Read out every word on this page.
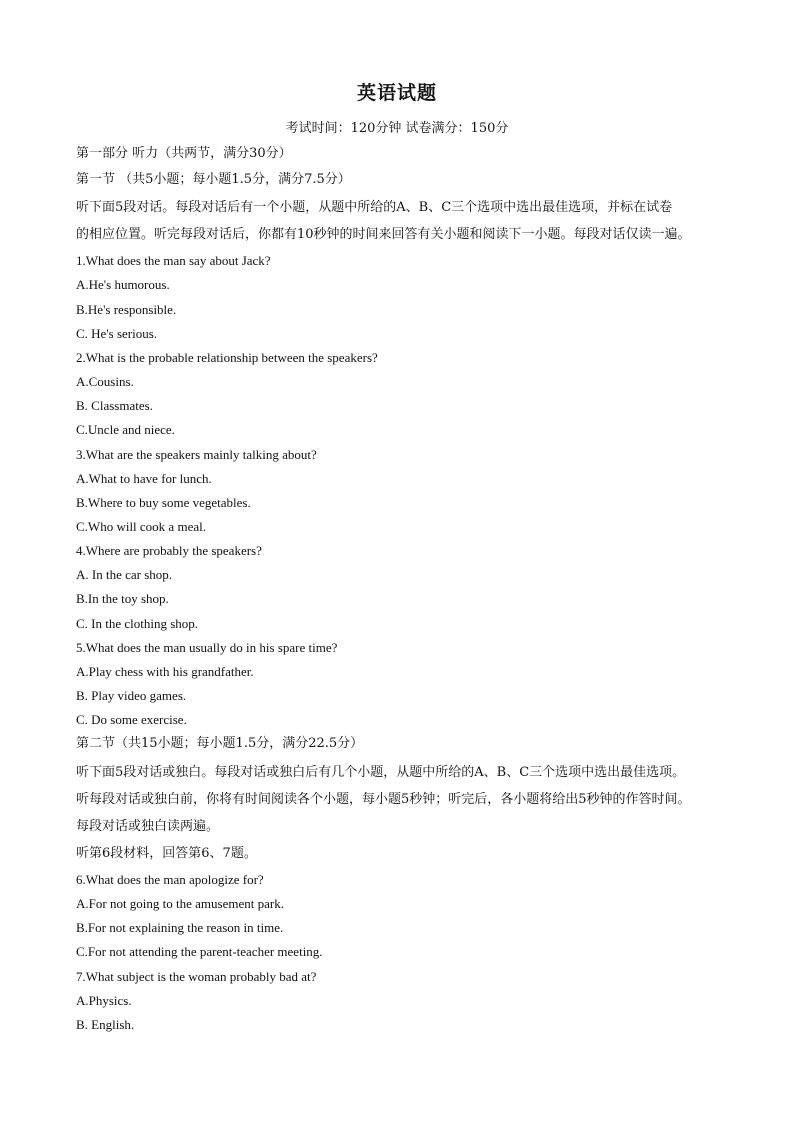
英语试题
考试时间：120分钟 试卷满分：150分
第一部分 听力（共两节，满分30分）
第一节 （共5小题；每小题1.5分，满分7.5分）
听下面5段对话。每段对话后有一个小题，从题中所给的A、B、C三个选项中选出最佳选项，并标在试卷
的相应位置。听完每段对话后，你都有10秒钟的时间来回答有关小题和阅读下一小题。每段对话仅读一遍。
1.What does the man say about Jack?
A.He's humorous.
B.He's responsible.
C. He's serious.
2.What is the probable relationship between the speakers?
A.Cousins.
B. Classmates.
C.Uncle and niece.
3.What are the speakers mainly talking about?
A.What to have for lunch.
B.Where to buy some vegetables.
C.Who will cook a meal.
4.Where are probably the speakers?
A. In the car shop.
B.In the toy shop.
C. In the clothing shop.
5.What does the man usually do in his spare time?
A.Play chess with his grandfather.
B. Play video games.
C. Do some exercise.
第二节（共15小题；每小题1.5分，满分22.5分）
听下面5段对话或独白。每段对话或独白后有几个小题，从题中所给的A、B、C三个选项中选出最佳选项。
听每段对话或独白前，你将有时间阅读各个小题，每小题5秒钟；听完后，各小题将给出5秒钟的作答时间。
每段对话或独白读两遍。
听第6段材料，回答第6、7题。
6.What does the man apologize for?
A.For not going to the amusement park.
B.For not explaining the reason in time.
C.For not attending the parent-teacher meeting.
7.What subject is the woman probably bad at?
A.Physics.
B. English.
